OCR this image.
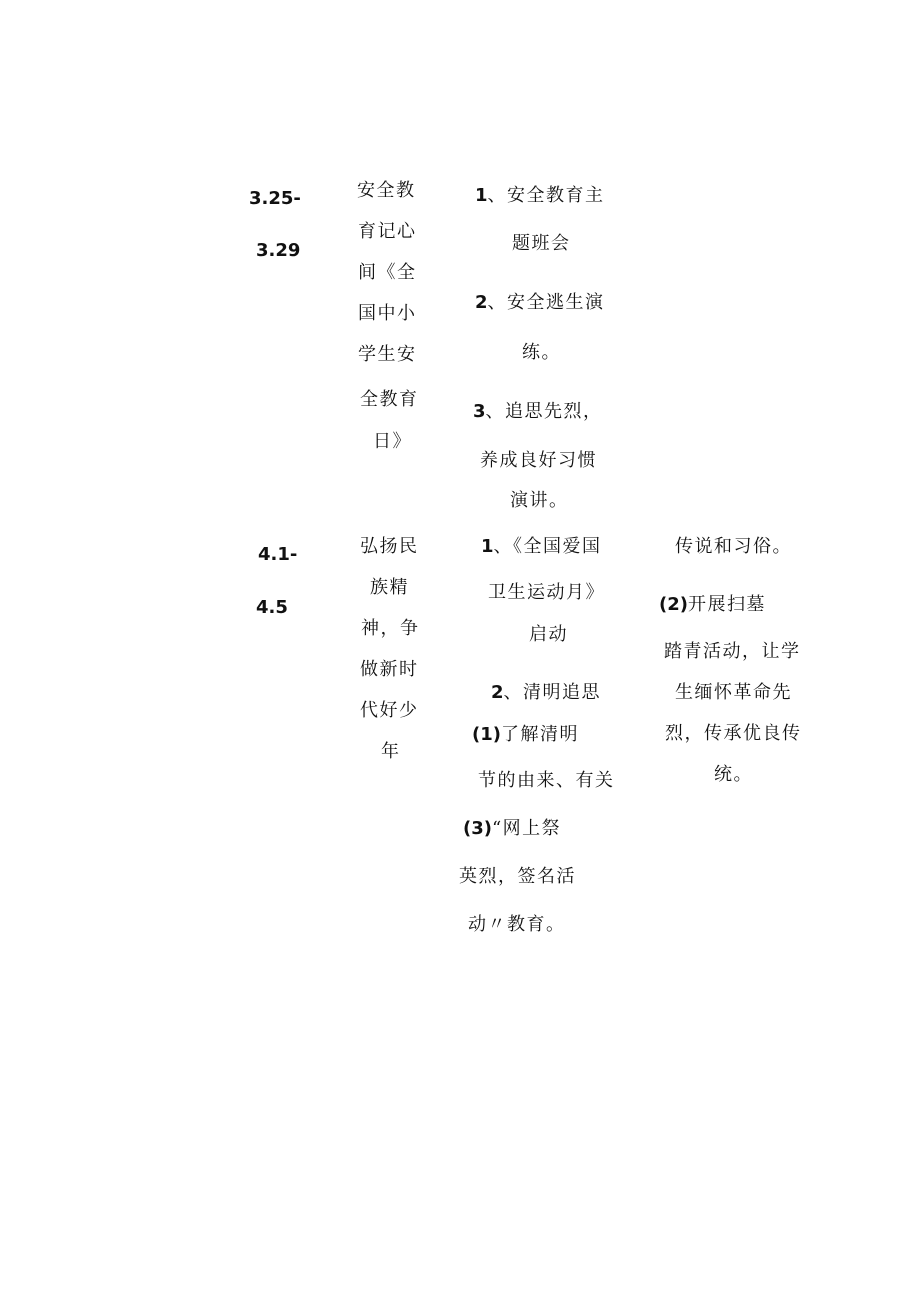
3.25-
3.29
安全教
育记心
间《全
国中小
学生安
全教育
日》
1、安全教育主
题班会
2、安全逃生演
练。
3、追思先烈，
养成良好习惯
演讲。
4.1-
4.5
弘扬民
族精
神，争
做新时
代好少
年
1、《全国爱国
卫生运动月》
启动
2、清明追思
(1)了解清明
节的由来、有关
(3)“网上祭
英烈，签名活
动〃教育。
传说和习俗。
(2)开展扫墓
踏青活动，让学
生缅怀革命先
烈，传承优良传
统。
